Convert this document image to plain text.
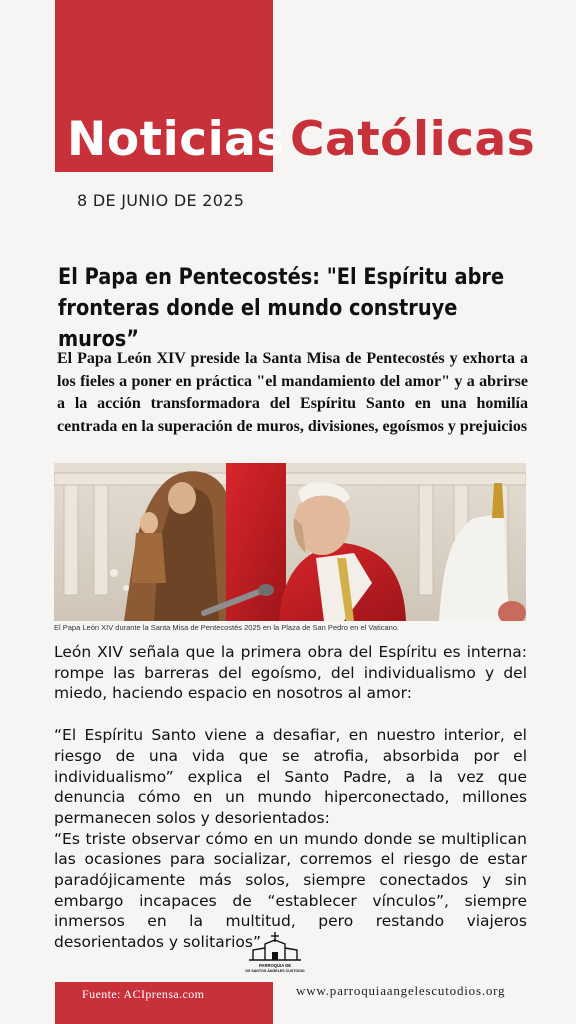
Noticias Católicas
8 DE JUNIO DE 2025
El Papa en Pentecostés: "El Espíritu abre fronteras donde el mundo construye muros”
El Papa León XIV preside la Santa Misa de Pentecostés y exhorta a los fieles a poner en práctica "el mandamiento del amor" y a abrirse a la acción transformadora del Espíritu Santo en una homilía centrada en la superación de muros, divisiones, egoísmos y prejuicios
El Papa León XIV durante la Santa Misa de Pentecostés 2025 en la Plaza de San Pedro en el Vaticano.

León XIV señala que la primera obra del Espíritu es interna: rompe las barreras del egoísmo, del individualismo y del miedo, haciendo espacio en nosotros al amor:

“El Espíritu Santo viene a desafiar, en nuestro interior, el riesgo de una vida que se atrofia, absorbida por el individualismo” explica el Santo Padre, a la vez que denuncia cómo en un mundo hiperconectado, millones permanecen solos y desorientados:

“Es triste observar cómo en un mundo donde se multiplican las ocasiones para socializar, corremos el riesgo de estar paradójicamente más solos, siempre conectados y sin embargo incapaces de “establecer vínculos”, siempre inmersos en la multitud, pero restando viajeros desorientados y solitarios”

PARROQUIA DE
LOS SANTOS ÁNGELES CUSTODIOS
Fuente: ACIprensa.com	www.parroquiaangelescutodios.org
